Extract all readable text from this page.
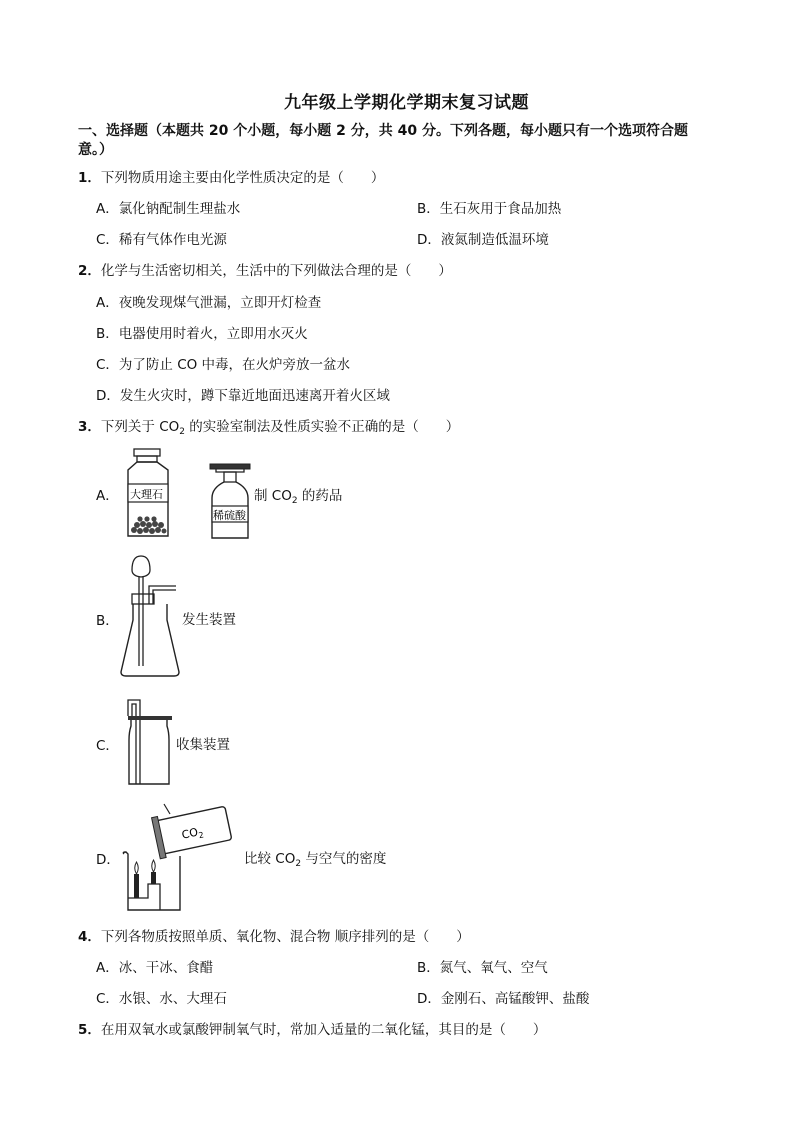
九年级上学期化学期末复习试题
一、选择题（本题共 20 个小题，每小题 2 分，共 40 分。下列各题，每小题只有一个选项符合题
意。）
1．下列物质用途主要由化学性质决定的是（　　）
A．氯化钠配制生理盐水	B．生石灰用于食品加热
C．稀有气体作电光源	D．液氮制造低温环境
2．化学与生活密切相关，生活中的下列做法合理的是（　　）
A．夜晚发现煤气泄漏，立即开灯检查
B．电器使用时着火，立即用水灭火
C．为了防止 CO 中毒，在火炉旁放一盆水
D．发生火灾时，蹲下靠近地面迅速离开着火区域
3．下列关于 $CO_2$ 的实验室制法及性质实验不正确的是（　　）
A． 大理石
稀硫酸
制 $CO_2$ 的药品
B．	发生装置
C．	收集装置
D．
$CO_2$
比较 $CO_2$ 与空气的密度
4．下列各物质按照单质、氧化物、混合物 顺序排列的是（　　）
A．冰、干冰、食醋	B．氮气、氧气、空气
C．水银、水、大理石	D．金刚石、高锰酸钾、盐酸
5．在用双氧水或氯酸钾制氧气时，常加入适量的二氧化锰，其目的是（　　）
